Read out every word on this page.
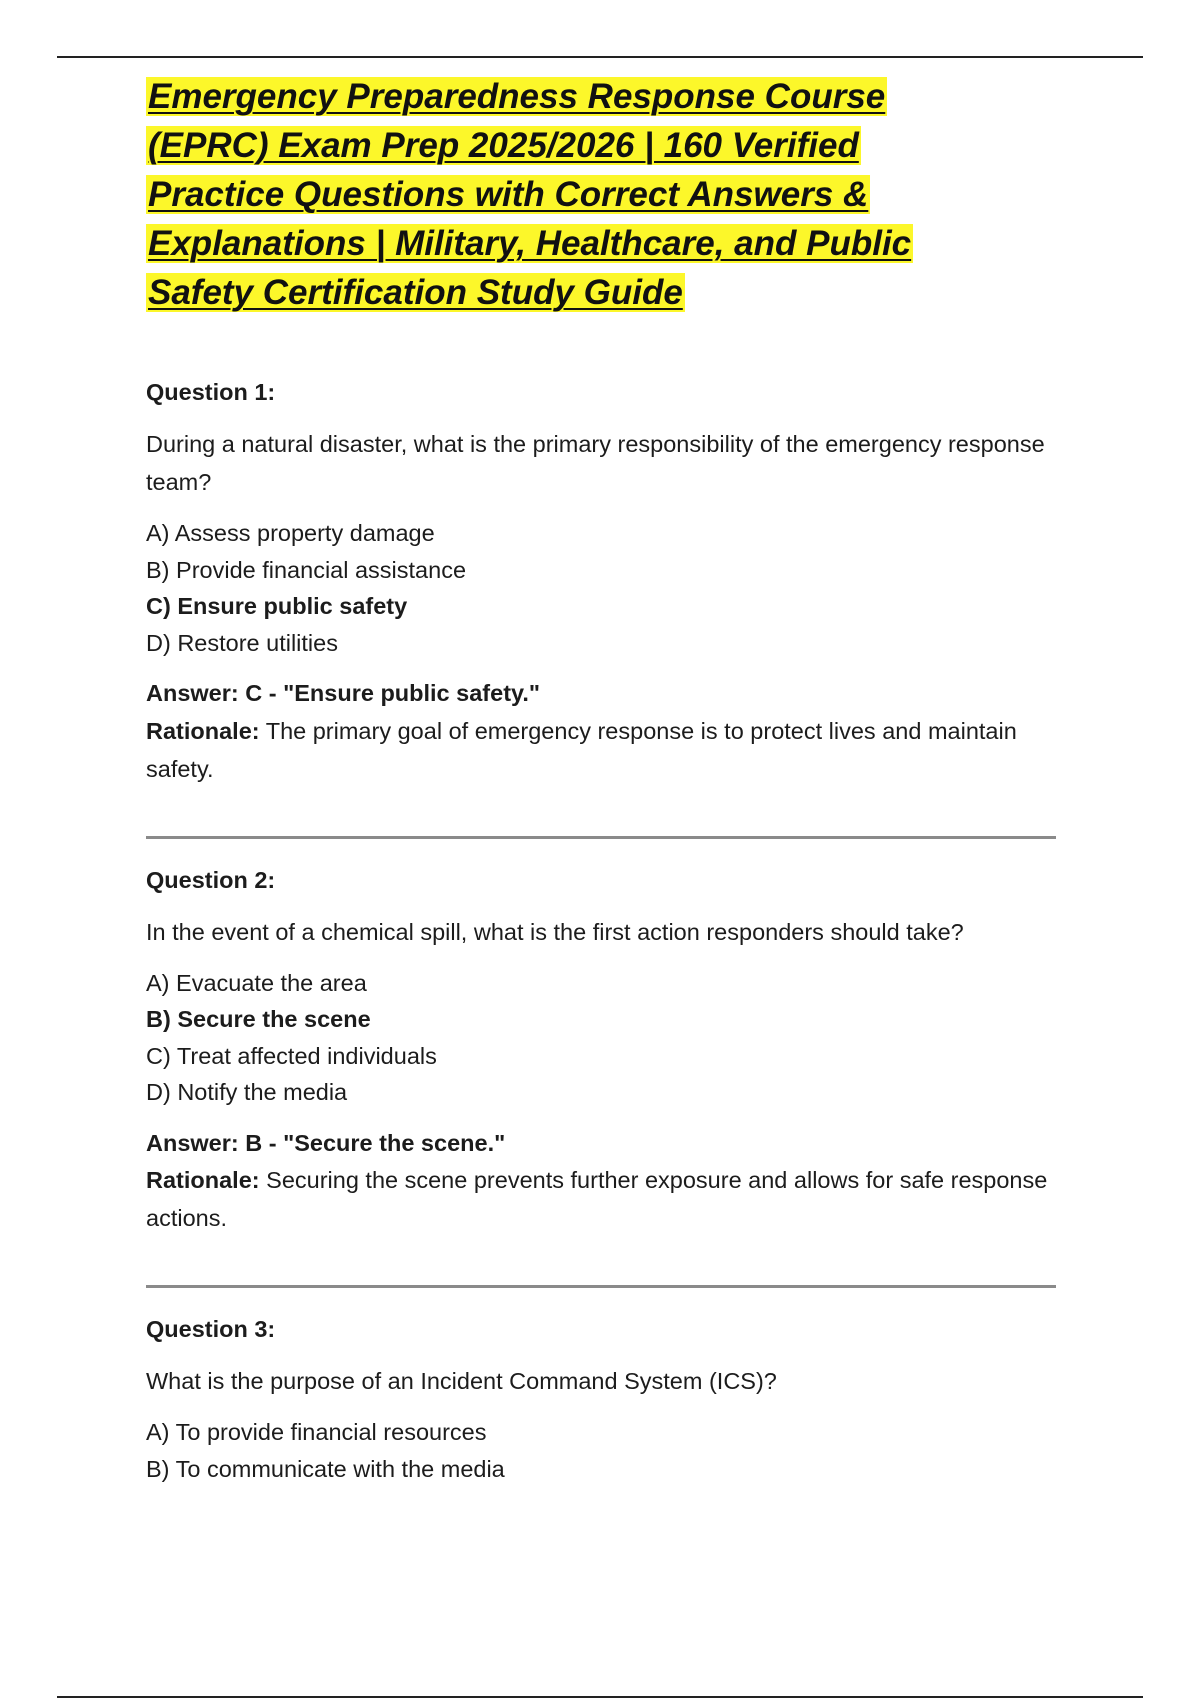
Emergency Preparedness Response Course (EPRC) Exam Prep 2025/2026 | 160 Verified Practice Questions with Correct Answers & Explanations | Military, Healthcare, and Public Safety Certification Study Guide

Question 1:

During a natural disaster, what is the primary responsibility of the emergency response team?

A) Assess property damage
B) Provide financial assistance
C) Ensure public safety
D) Restore utilities

Answer: C - "Ensure public safety."

Rationale: The primary goal of emergency response is to protect lives and maintain safety.

Question 2:

In the event of a chemical spill, what is the first action responders should take?

A) Evacuate the area
B) Secure the scene
C) Treat affected individuals
D) Notify the media

Answer: B - "Secure the scene."

Rationale: Securing the scene prevents further exposure and allows for safe response actions.

Question 3:

What is the purpose of an Incident Command System (ICS)?

A) To provide financial resources
B) To communicate with the media
